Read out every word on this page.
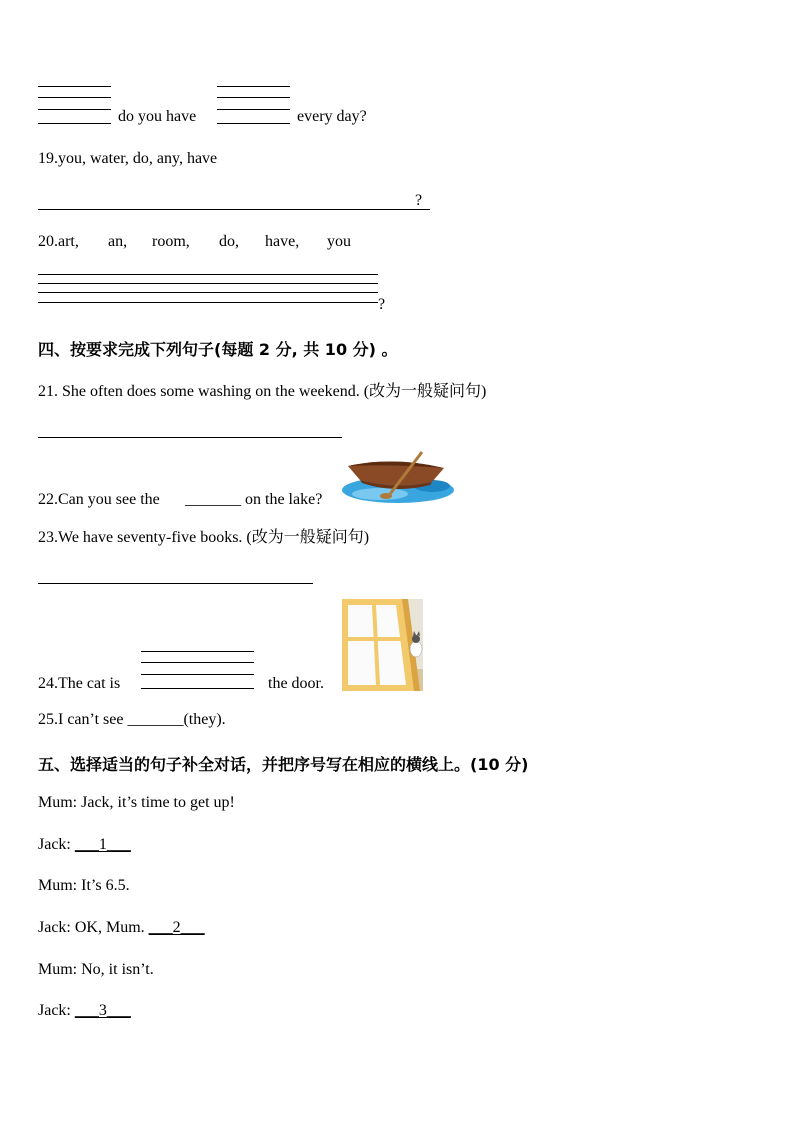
do you have	every day?
19.you, water, do, any, have
?
20.art, an, room, do, have, you
?
四、按要求完成下列句子(每题 2 分, 共 10 分) 。
21. She often does some washing on the weekend. (改为一般疑问句)
22.Can you see the _______ on the lake?
23.We have seventy-five books. (改为一般疑问句)
24.The cat is	the door.
25.I can’t see _______(they).
五、选择适当的句子补全对话，并把序号写在相应的横线上。(10 分)
Mum: Jack, it’s time to get up!
Jack: ___1___
Mum: It’s 6.5.
Jack: OK, Mum. ___2___
Mum: No, it isn’t.
Jack: ___3___
